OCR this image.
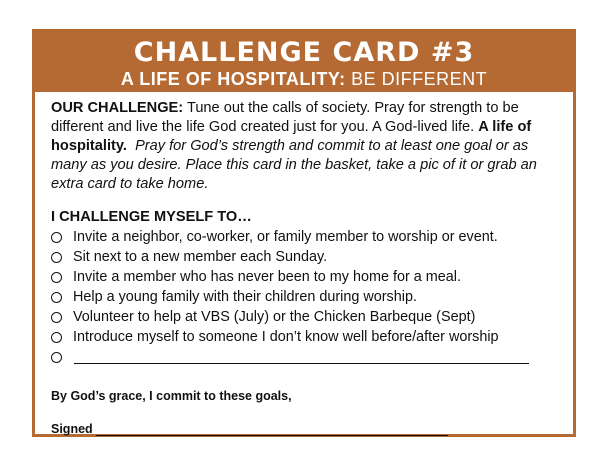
CHALLENGE CARD #3
A LIFE OF HOSPITALITY: BE DIFFERENT

OUR CHALLENGE: Tune out the calls of society. Pray for strength to be different and live the life God created just for you. A God-lived life. A life of hospitality. Pray for God’s strength and commit to at least one goal or as many as you desire. Place this card in the basket, take a pic of it or grab an extra card to take home.

I CHALLENGE MYSELF TO…
Invite a neighbor, co-worker, or family member to worship or event.
Sit next to a new member each Sunday.
Invite a member who has never been to my home for a meal.
Help a young family with their children during worship.
Volunteer to help at VBS (July) or the Chicken Barbeque (Sept)
Introduce myself to someone I don’t know well before/after worship
By God’s grace, I commit to these goals,
Signed
